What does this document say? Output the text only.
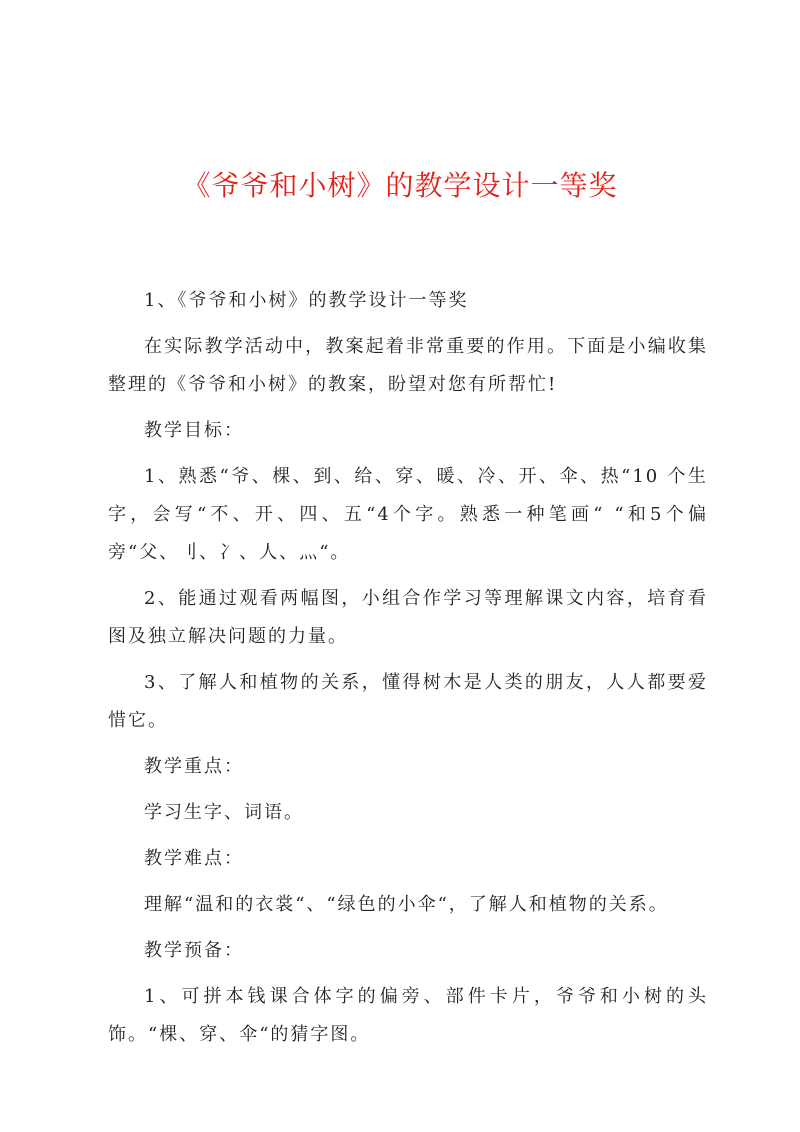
《爷爷和小树》的教学设计一等奖

1、《爷爷和小树》的教学设计一等奖

在实际教学活动中，教案起着非常重要的作用。下面是小编收集整理的《爷爷和小树》的教案，盼望对您有所帮忙!

教学目标：

1、熟悉“爷、棵、到、给、穿、暖、冷、开、伞、热“10 个生字，会写“不、开、四、五“4个字。熟悉一种笔画“ “和5个偏旁“父、刂、冫、人、灬“。

2、能通过观看两幅图，小组合作学习等理解课文内容，培育看图及独立解决问题的力量。

3、了解人和植物的关系，懂得树木是人类的朋友，人人都要爱惜它。

教学重点：

学习生字、词语。

教学难点：

理解“温和的衣裳“、“绿色的小伞“，了解人和植物的关系。

教学预备：

1、可拼本钱课合体字的偏旁、部件卡片，爷爷和小树的头饰。“棵、穿、伞“的猜字图。
